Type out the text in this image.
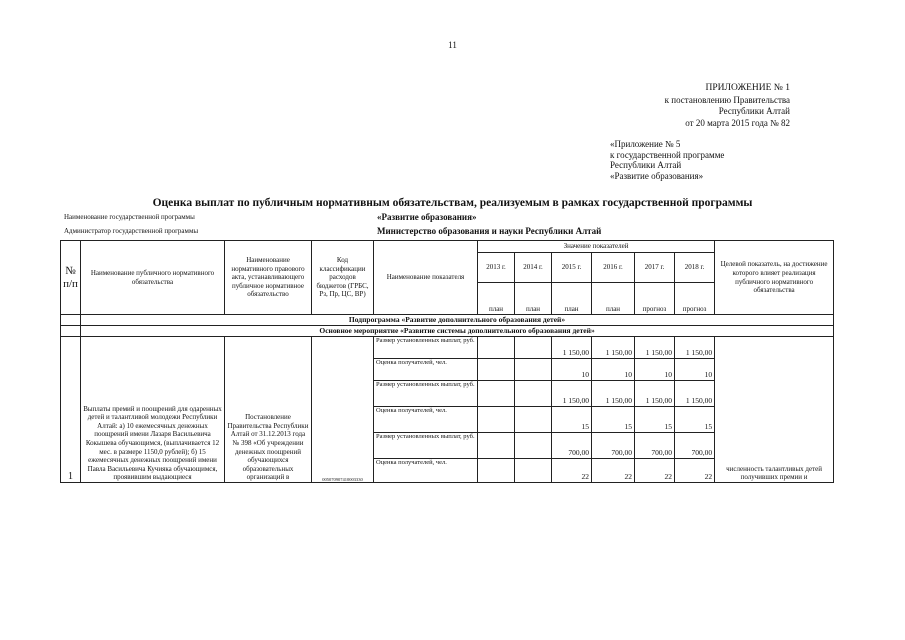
11
ПРИЛОЖЕНИЕ № 1
к постановлению Правительства
Республики Алтай
от 20 марта 2015 года № 82
«Приложение № 5
к государственной программе
Республики Алтай
«Развитие образования»
Оценка выплат по публичным нормативным обязательствам, реализуемым в рамках государственной программы
Наименование государственной программы	«Развитие образования»
Администратор государственной программы	Министерство образования и науки Республики Алтай
№ п/п	Наименование публичного нормативного обязательства	Наименование нормативного правового акта, устанавливающего публичное нормативное обязательство	Код классификации расходов бюджетов (ГРБС, Рз, Пр, ЦС, ВР)	Наименование показателя	Значение показателей						Целевой показатель, на достижение которого влияет реализация публичного нормативного обязательства
					2013 г.	2014 г.	2015 г.	2016 г.	2017 г.	2018 г.	
					план	план	план	план	прогноз	прогноз	
	Подпрограмма «Развитие дополнительного образования детей»										
	Основное мероприятие «Развитие системы дополнительного образования детей»										
1	Выплаты премий и поощрений для одаренных детей и талантливой молодежи Республики Алтай: а) 10 ежемесячных денежных поощрений имени Лазаря Васильевича Кокышева обучающимся, (выплачивается 12 мес. в размере 1150,0 рублей); б) 15 ежемесячных денежных поощрений имени Павла Васильевича Кучияка обучающимся, проявившим выдающиеся	Постановление Правительства Республики Алтай от 31.12.2013 года № 398 «Об учреждении денежных поощрений обучающихся образовательных организаций в	005070907410003330	Размер установленных выплат, руб.			1 150,00	1 150,00	1 150,00	1 150,00	численность талантливых детей получивших премии и
				Оценка получателей, чел.			10	10	10	10	
				Размер установленных выплат, руб.			1 150,00	1 150,00	1 150,00	1 150,00	
				Оценка получателей, чел.			15	15	15	15	
				Размер установленных выплат, руб.			700,00	700,00	700,00	700,00	
				Оценка получателей, чел.			22	22	22	22	
